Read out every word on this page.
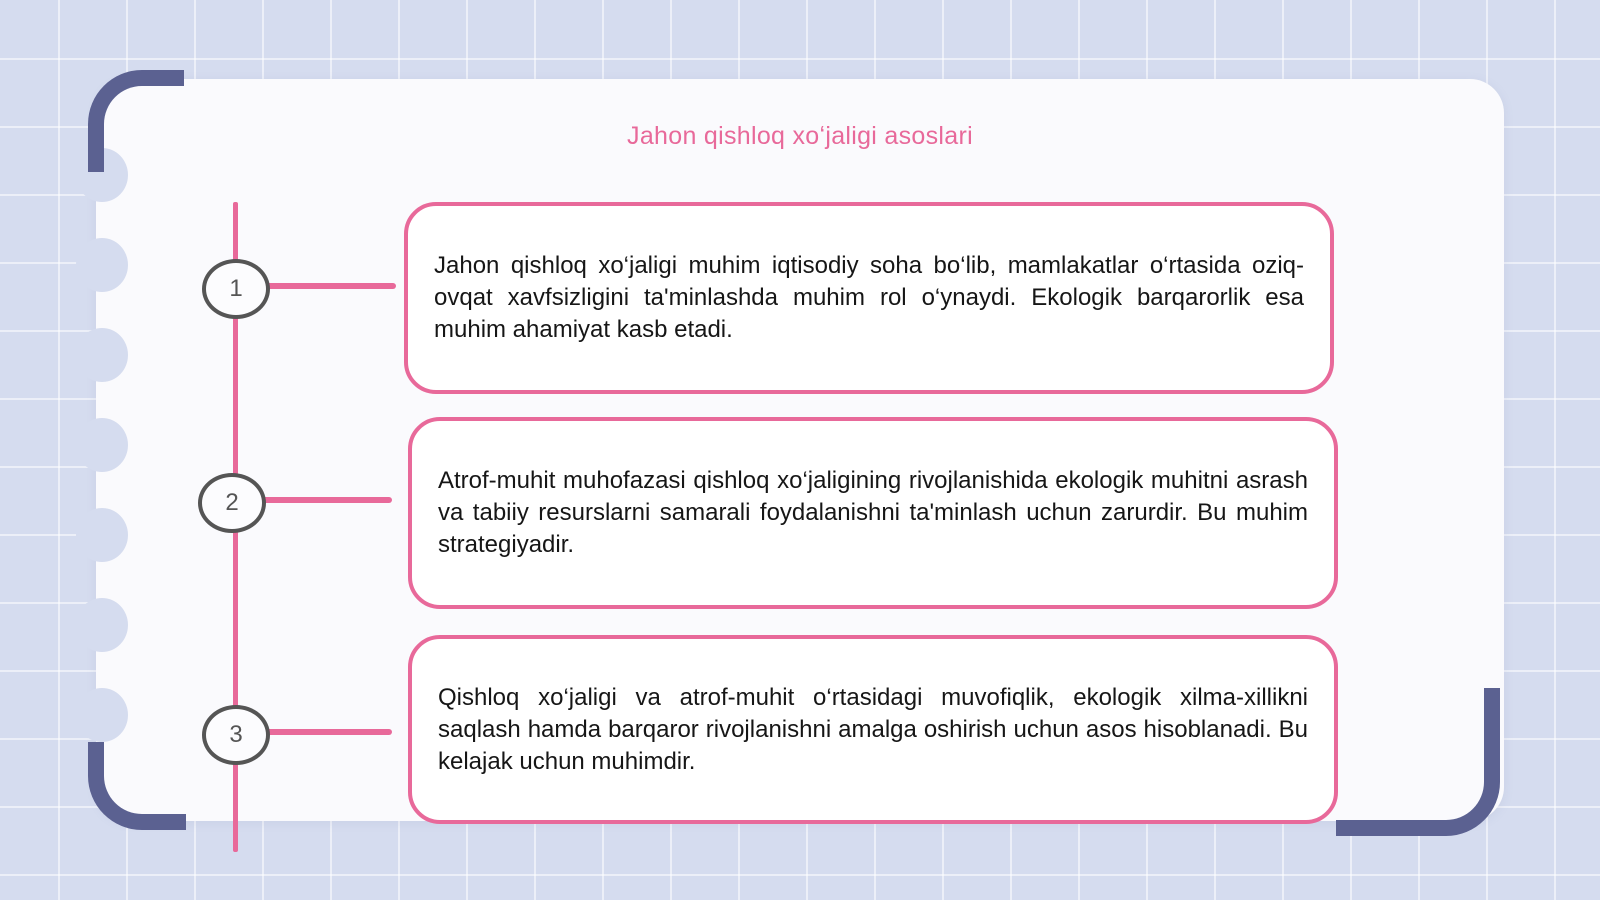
Jahon qishloq xoʻjaligi asoslari
1
2
3

Jahon qishloq xo‘jaligi muhim iqtisodiy soha bo‘lib, mamlakatlar o‘rtasida oziq-ovqat xavfsizligini ta'minlashda muhim rol o‘ynaydi. Ekologik barqarorlik esa muhim ahamiyat kasb etadi.

Atrof-muhit muhofazasi qishloq xo‘jaligining rivojlanishida ekologik muhitni asrash va tabiiy resurslarni samarali foydalanishni ta'minlash uchun zarurdir. Bu muhim strategiyadir.

Qishloq xo‘jaligi va atrof-muhit o‘rtasidagi muvofiqlik, ekologik xilma-xillikni saqlash hamda barqaror rivojlanishni amalga oshirish uchun asos hisoblanadi. Bu kelajak uchun muhimdir.
